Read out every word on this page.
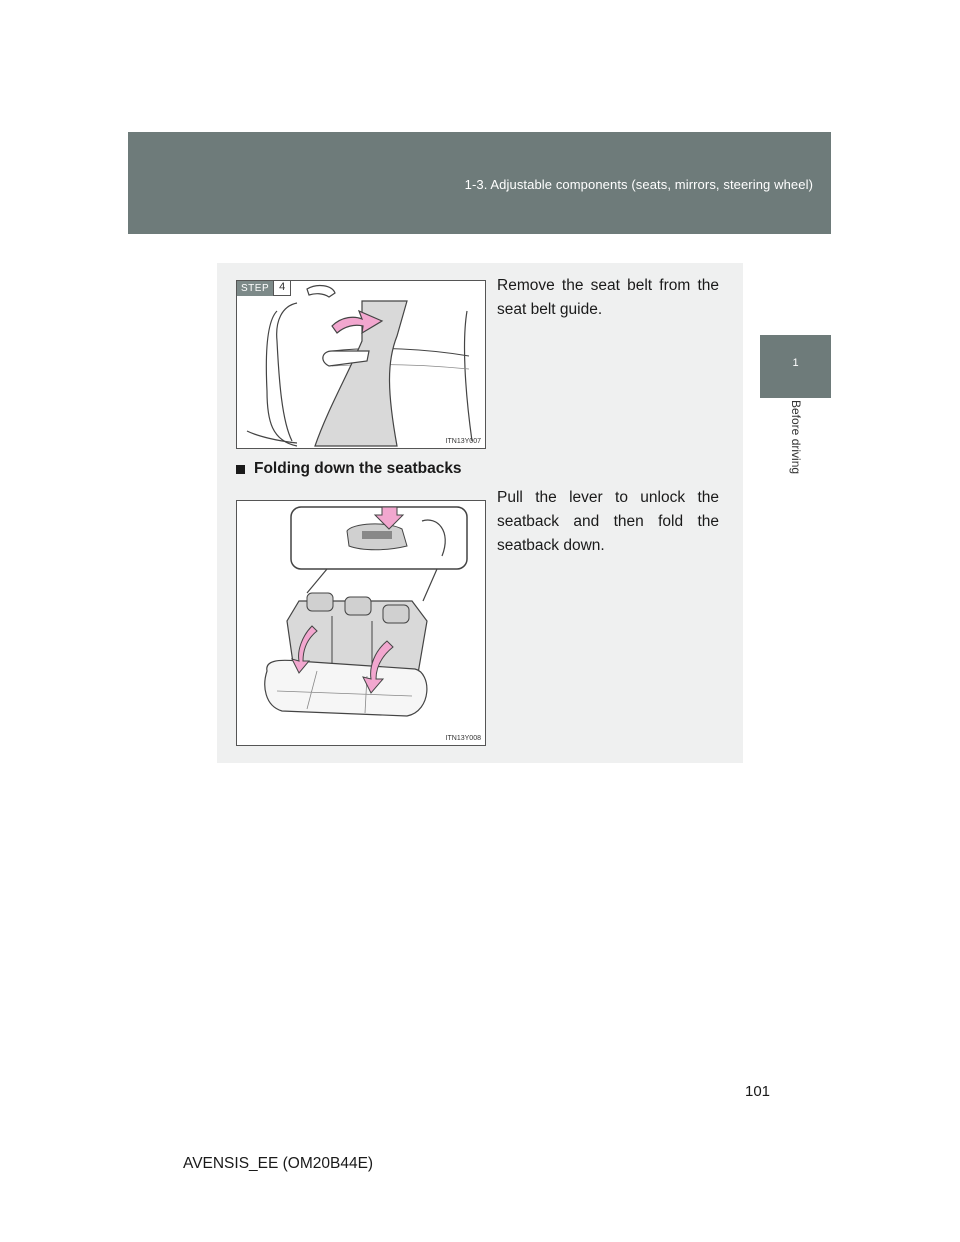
1-3. Adjustable components (seats, mirrors, steering wheel)
1
Before driving
STEP 4
ITN13Y007
Remove the seat belt from the seat belt guide.
Folding down the seatbacks
ITN13Y008
Pull the lever to unlock the seatback and then fold the seatback down.
101
AVENSIS_EE (OM20B44E)
